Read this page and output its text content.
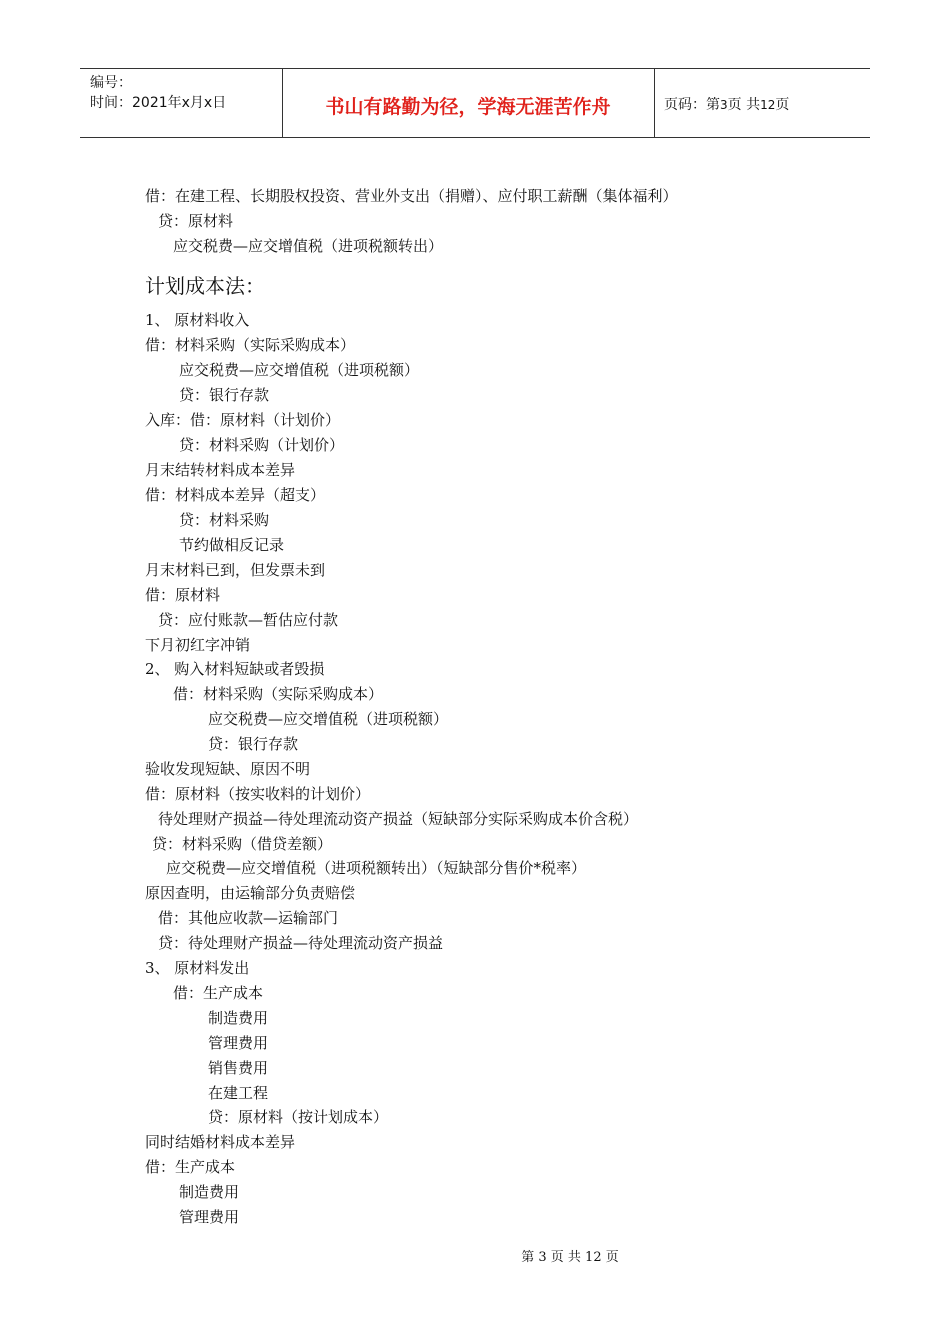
编号：
时间：2021年x月x日	书山有路勤为径，学海无涯苦作舟	页码：第3页 共12页
借：在建工程、长期股权投资、营业外支出（捐赠）、应付职工薪酬（集体福利）
贷：原材料
应交税费—应交增值税（进项税额转出）
计划成本法：
1、 原材料收入
借：材料采购（实际采购成本）
应交税费—应交增值税（进项税额）
贷：银行存款
入库：借：原材料（计划价）
贷：材料采购（计划价）
月末结转材料成本差异
借：材料成本差异（超支）
贷：材料采购
节约做相反记录
月末材料已到，但发票未到
借：原材料
贷：应付账款—暂估应付款
下月初红字冲销
2、 购入材料短缺或者毁损
借：材料采购（实际采购成本）
应交税费—应交增值税（进项税额）
贷：银行存款
验收发现短缺、原因不明
借：原材料（按实收料的计划价）
待处理财产损益—待处理流动资产损益（短缺部分实际采购成本价含税）
贷：材料采购（借贷差额）
应交税费—应交增值税（进项税额转出）（短缺部分售价*税率）
原因查明，由运输部分负责赔偿
借：其他应收款—运输部门
贷：待处理财产损益—待处理流动资产损益
3、 原材料发出
借：生产成本
制造费用
管理费用
销售费用
在建工程
贷：原材料（按计划成本）
同时结婚材料成本差异
借：生产成本
制造费用
管理费用
第 3 页 共 12 页
